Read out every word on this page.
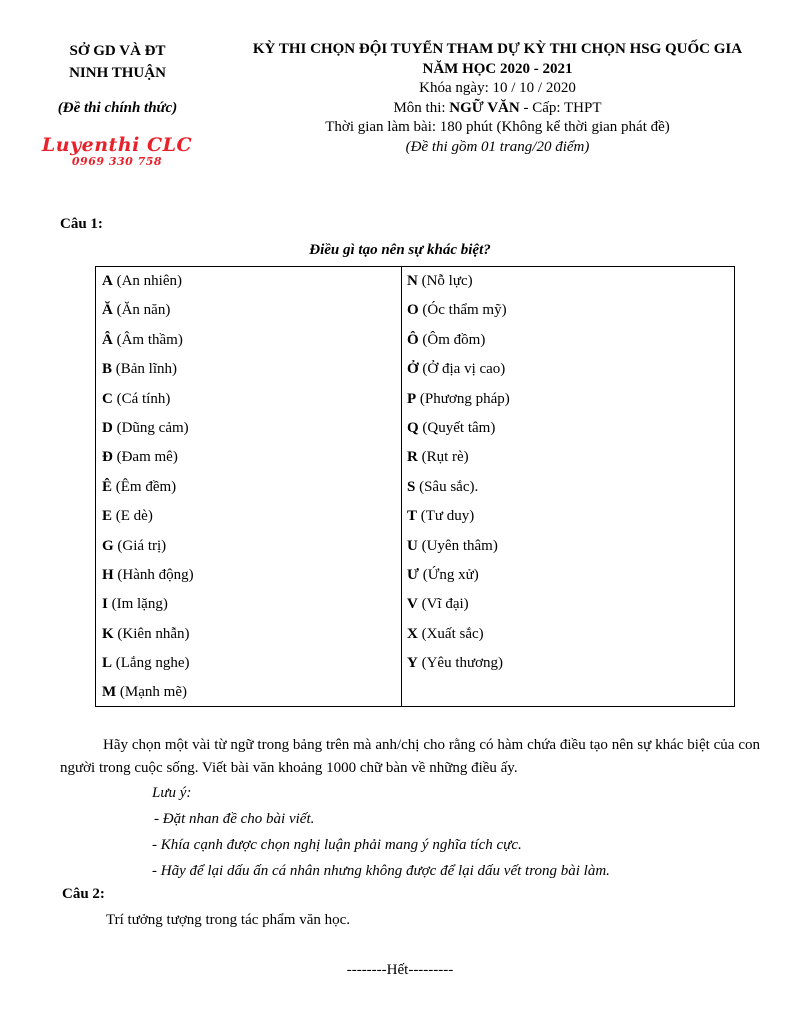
SỞ GD VÀ ĐT
NINH THUẬN
(Đề thi chính thức)
Luyenthi CLC
0969 330 758
KỲ THI CHỌN ĐỘI TUYỂN THAM DỰ KỲ THI CHỌN HSG QUỐC GIA
NĂM HỌC 2020 - 2021
Khóa ngày: 10 / 10 / 2020
Môn thi: NGỮ VĂN - Cấp: THPT
Thời gian làm bài: 180 phút (Không kể thời gian phát đề)
(Đề thi gồm 01 trang/20 điểm)
Câu 1:
Điều gì tạo nên sự khác biệt?
A (An nhiên)
Ă (Ăn năn)
Â (Âm thầm)
B (Bản lĩnh)
C (Cá tính)
D (Dũng cảm)
Đ (Đam mê)
Ê (Êm đềm)
E (E dè)
G (Giá trị)
H (Hành động)
I (Im lặng)
K (Kiên nhẫn)
L (Lắng nghe)
M (Mạnh mẽ)
N (Nỗ lực)
O (Óc thẩm mỹ)
Ô (Ôm đồm)
Ở (Ở địa vị cao)
P (Phương pháp)
Q (Quyết tâm)
R (Rụt rè)
S (Sâu sắc).
T (Tư duy)
U (Uyên thâm)
Ư (Ứng xử)
V (Vĩ đại)
X (Xuất sắc)
Y (Yêu thương)
Hãy chọn một vài từ ngữ trong bảng trên mà anh/chị cho rằng có hàm chứa điều tạo nên sự khác biệt của con người trong cuộc sống. Viết bài văn khoảng 1000 chữ bàn về những điều ấy.
Lưu ý:
- Đặt nhan đề cho bài viết.
- Khía cạnh được chọn nghị luận phải mang ý nghĩa tích cực.
- Hãy để lại dấu ấn cá nhân nhưng không được để lại dấu vết trong bài làm.
Câu 2:
Trí tưởng tượng trong tác phẩm văn học.
--------Hết---------
